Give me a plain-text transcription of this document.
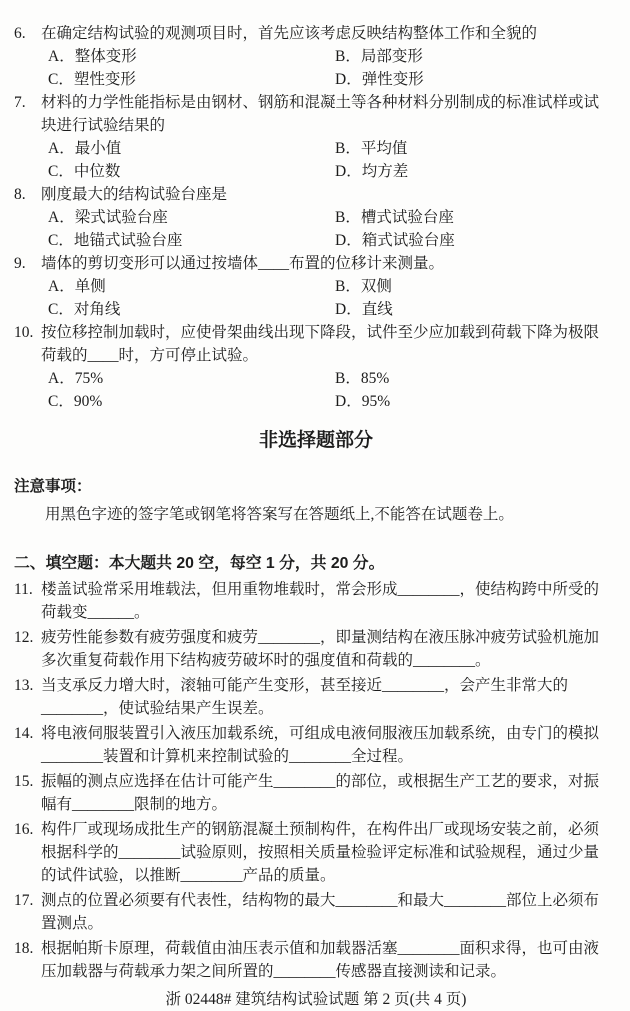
6. 在确定结构试验的观测项目时，首先应该考虑反映结构整体工作和全貌的
A．整体变形	B．局部变形
C．塑性变形	D．弹性变形
7. 材料的力学性能指标是由钢材、钢筋和混凝土等各种材料分别制成的标准试样或试
块进行试验结果的
A．最小值	B．平均值
C．中位数	D．均方差
8. 刚度最大的结构试验台座是
A．梁式试验台座	B．槽式试验台座
C．地锚式试验台座	D．箱式试验台座
9. 墙体的剪切变形可以通过按墙体____布置的位移计来测量。
A．单侧	B．双侧
C．对角线	D．直线
10. 按位移控制加载时，应使骨架曲线出现下降段，试件至少应加载到荷载下降为极限
荷载的____时，方可停止试验。
A．75%	B．85%
C．90%	D．95%
非选择题部分
注意事项：
用黑色字迹的签字笔或钢笔将答案写在答题纸上,不能答在试题卷上。
二、填空题：本大题共 20 空，每空 1 分，共 20 分。
11. 楼盖试验常采用堆载法，但用重物堆载时，常会形成________，使结构跨中所受的
荷载变______。
12. 疲劳性能参数有疲劳强度和疲劳________，即量测结构在液压脉冲疲劳试验机施加
多次重复荷载作用下结构疲劳破坏时的强度值和荷载的________。
13. 当支承反力增大时，滚轴可能产生变形，甚至接近________，会产生非常大的
________，使试验结果产生误差。
14. 将电液伺服装置引入液压加载系统，可组成电液伺服液压加载系统，由专门的模拟
________装置和计算机来控制试验的________全过程。
15. 振幅的测点应选择在估计可能产生________的部位，或根据生产工艺的要求，对振
幅有________限制的地方。
16. 构件厂或现场成批生产的钢筋混凝土预制构件，在构件出厂或现场安装之前，必须
根据科学的________试验原则，按照相关质量检验评定标准和试验规程，通过少量
的试件试验，以推断________产品的质量。
17. 测点的位置必须要有代表性，结构物的最大________和最大________部位上必须布
置测点。
18. 根据帕斯卡原理，荷载值由油压表示值和加载器活塞________面积求得，也可由液
压加载器与荷载承力架之间所置的________传感器直接测读和记录。
浙 02448# 建筑结构试验试题 第 2 页(共 4 页)
